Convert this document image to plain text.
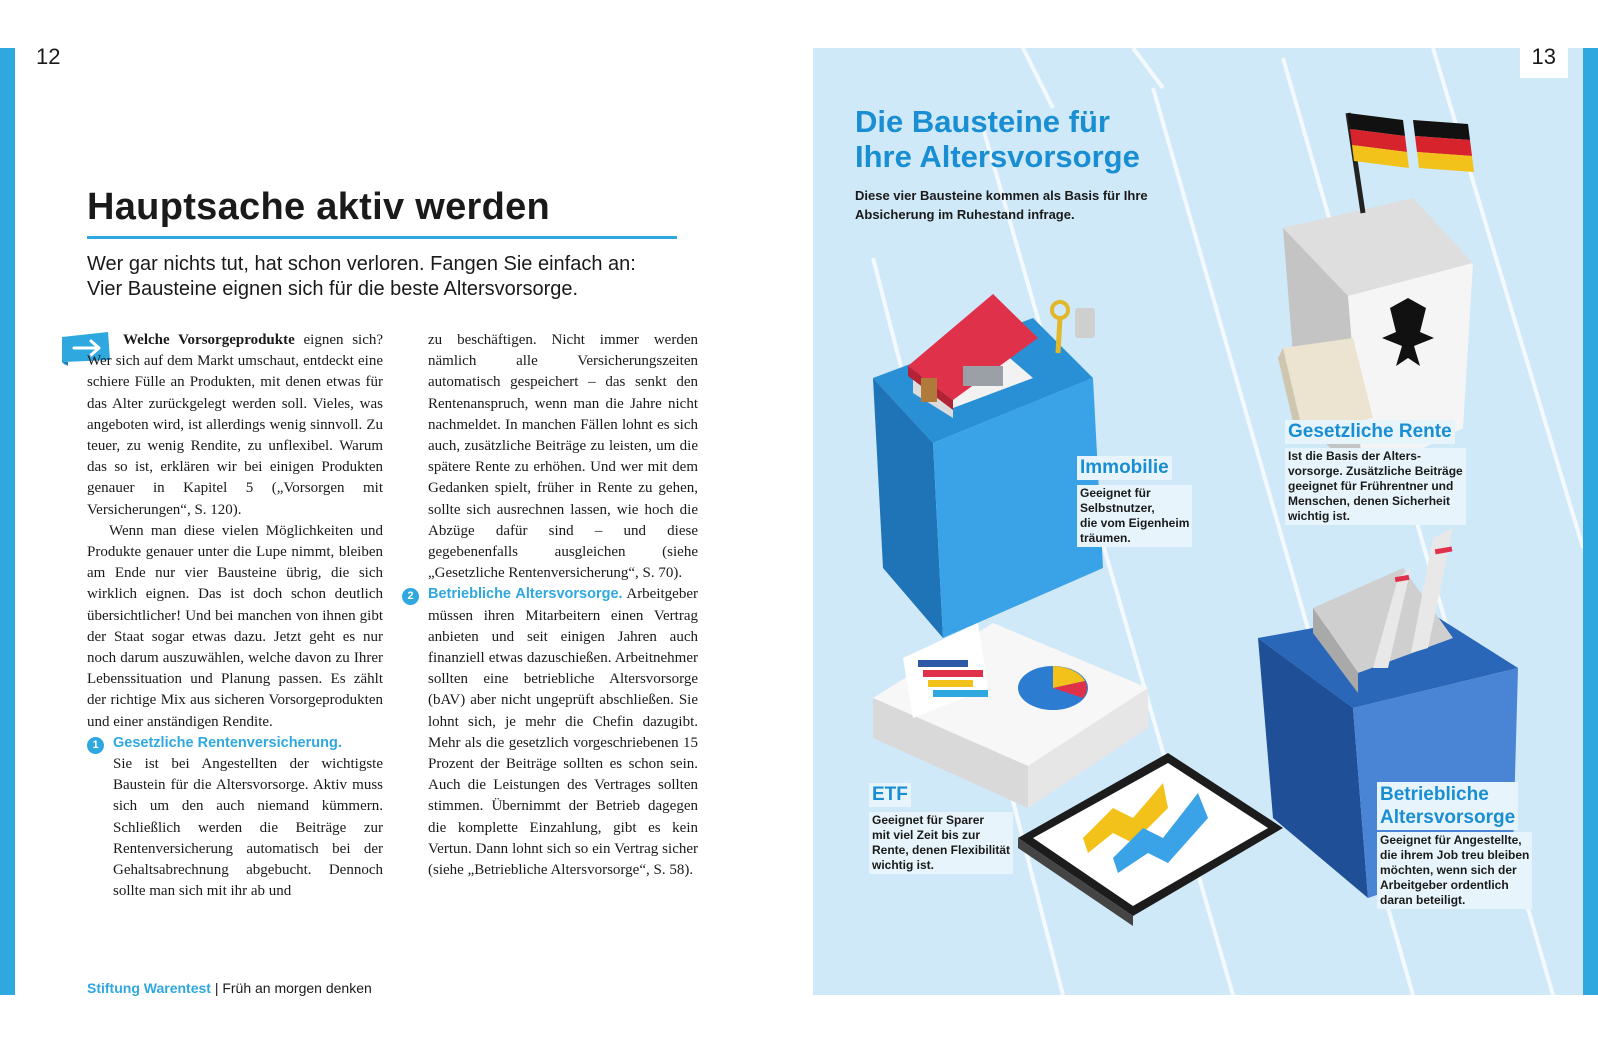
12
Hauptsache aktiv werden

Wer gar nichts tut, hat schon verloren. Fangen Sie einfach an:
Vier Bausteine eignen sich für die beste Altersvorsorge.

Welche Vorsorgeprodukte eignen sich? Wer sich auf dem Markt umschaut, entdeckt eine schiere Fülle an Produkten, mit denen etwas für das Alter zurückgelegt werden soll. Vieles, was angeboten wird, ist allerdings wenig sinnvoll. Zu teuer, zu wenig Rendite, zu unflexibel. Warum das so ist, erklären wir bei einigen Produkten genauer in Kapitel 5 („Vorsorgen mit Versicherungen“, S. 120).

Wenn man diese vielen Möglichkeiten und Produkte genauer unter die Lupe nimmt, bleiben am Ende nur vier Bausteine übrig, die sich wirklich eignen. Das ist doch schon deutlich übersichtlicher! Und bei manchen von ihnen gibt der Staat sogar etwas dazu. Jetzt geht es nur noch darum auszuwählen, welche davon zu Ihrer Lebenssituation und Planung passen. Es zählt der richtige Mix aus sicheren Vorsorgeprodukten und einer anständigen Rendite.

1 Gesetzliche Rentenversicherung.
Sie ist bei Angestellten der wichtigste Baustein für die Altersvorsorge. Aktiv muss sich um den auch niemand kümmern. Schließlich werden die Beiträge zur Rentenversicherung automatisch bei der Gehaltsabrechnung abgebucht. Dennoch sollte man sich mit ihr ab und

zu beschäftigen. Nicht immer werden nämlich alle Versicherungszeiten automatisch gespeichert – das senkt den Rentenanspruch, wenn man die Jahre nicht nachmeldet. In manchen Fällen lohnt es sich auch, zusätzliche Beiträge zu leisten, um die spätere Rente zu erhöhen. Und wer mit dem Gedanken spielt, früher in Rente zu gehen, sollte sich ausrechnen lassen, wie hoch die Abzüge dafür sind – und diese gegebenenfalls ausgleichen (siehe „Gesetzliche Rentenversicherung“, S. 70).

2 Betriebliche Altersvorsorge. Arbeitgeber müssen ihren Mitarbeitern einen Vertrag anbieten und seit einigen Jahren auch finanziell etwas dazuschießen. Arbeitnehmer sollten eine betriebliche Altersvorsorge (bAV) aber nicht ungeprüft abschließen. Sie lohnt sich, je mehr die Chefin dazugibt. Mehr als die gesetzlich vorgeschriebenen 15 Prozent der Beiträge sollten es schon sein. Auch die Leistungen des Vertrages sollten stimmen. Übernimmt der Betrieb dagegen die komplette Einzahlung, gibt es kein Vertun. Dann lohnt sich so ein Vertrag sicher (siehe „Betriebliche Altersvorsorge“, S. 58).

Stiftung Warentest | Früh an morgen denken
Die Bausteine für
Ihre Altersvorsorge
Diese vier Bausteine kommen als Basis für Ihre
Absicherung im Ruhestand infrage.
Immobilie
Geeignet für
Selbstnutzer,
die vom Eigenheim
träumen.
Gesetzliche Rente
Ist die Basis der Alters-
vorsorge. Zusätzliche Beiträge
geeignet für Frührentner und
Menschen, denen Sicherheit
wichtig ist.
ETF
Geeignet für Sparer
mit viel Zeit bis zur
Rente, denen Flexibilität
wichtig ist.
Betriebliche
Altersvorsorge
Geeignet für Angestellte,
die ihrem Job treu bleiben
möchten, wenn sich der
Arbeitgeber ordentlich
daran beteiligt.
13
